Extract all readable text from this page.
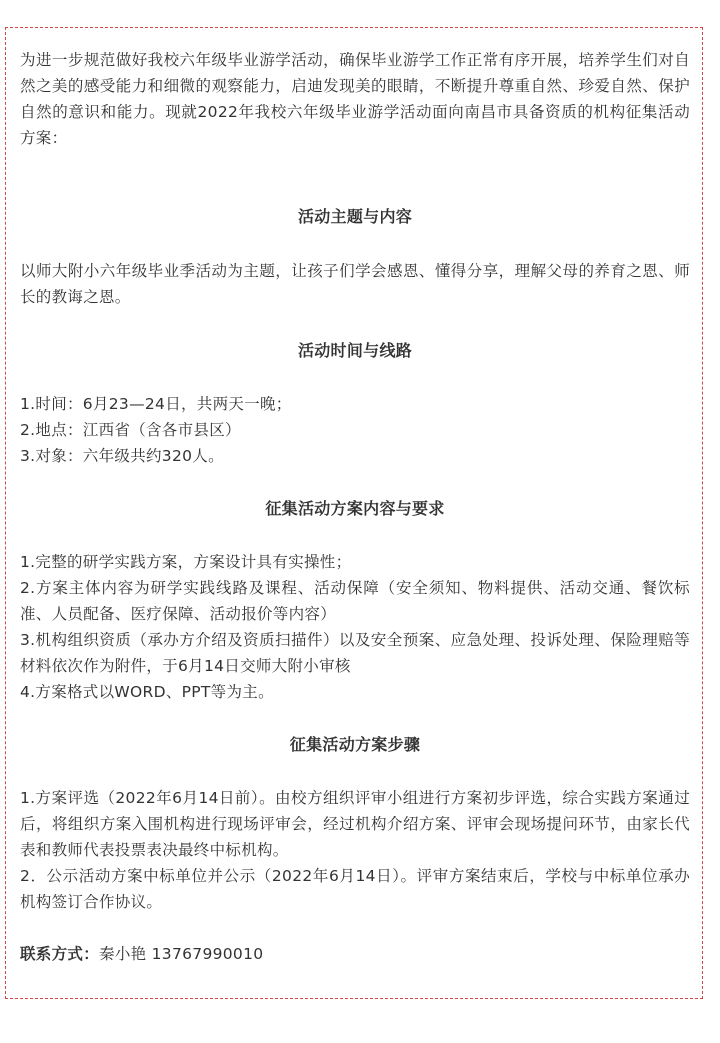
为进一步规范做好我校六年级毕业游学活动，确保毕业游学工作正常有序开展，培养学生们对自然之美的感受能力和细微的观察能力，启迪发现美的眼睛，不断提升尊重自然、珍爱自然、保护自然的意识和能力。现就2022年我校六年级毕业游学活动面向南昌市具备资质的机构征集活动方案：

活动主题与内容

以师大附小六年级毕业季活动为主题，让孩子们学会感恩、懂得分享，理解父母的养育之恩、师长的教诲之恩。

活动时间与线路
1.时间：6月23—24日，共两天一晚；
2.地点：江西省（含各市县区）
3.对象：六年级共约320人。
征集活动方案内容与要求
1.完整的研学实践方案，方案设计具有实操性；
2.方案主体内容为研学实践线路及课程、活动保障（安全须知、物料提供、活动交通、餐饮标准、人员配备、医疗保障、活动报价等内容）
3.机构组织资质（承办方介绍及资质扫描件）以及安全预案、应急处理、投诉处理、保险理赔等材料依次作为附件，于6月14日交师大附小审核
4.方案格式以WORD、PPT等为主。
征集活动方案步骤
1.方案评选（2022年6月14日前）。由校方组织评审小组进行方案初步评选，综合实践方案通过后，将组织方案入围机构进行现场评审会，经过机构介绍方案、评审会现场提问环节，由家长代表和教师代表投票表决最终中标机构。
2．公示活动方案中标单位并公示（2022年6月14日）。评审方案结束后，学校与中标单位承办机构签订合作协议。

联系方式：秦小艳 13767990010
